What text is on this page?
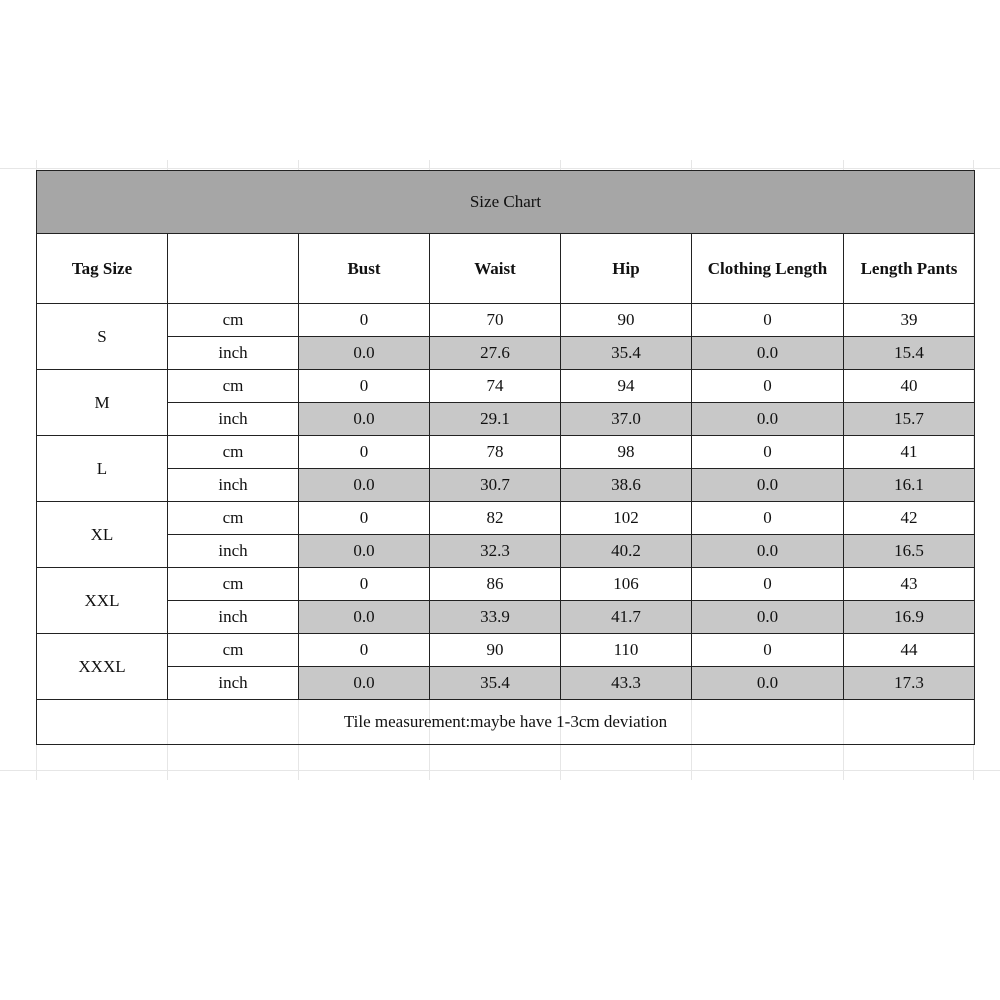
Size Chart						
Tag Size		Bust	Waist	Hip	Clothing Length	Length Pants
S	cm	0	70	90	0	39
	inch	0.0	27.6	35.4	0.0	15.4
M	cm	0	74	94	0	40
	inch	0.0	29.1	37.0	0.0	15.7
L	cm	0	78	98	0	41
	inch	0.0	30.7	38.6	0.0	16.1
XL	cm	0	82	102	0	42
	inch	0.0	32.3	40.2	0.0	16.5
XXL	cm	0	86	106	0	43
	inch	0.0	33.9	41.7	0.0	16.9
XXXL	cm	0	90	110	0	44
	inch	0.0	35.4	43.3	0.0	17.3
Tile measurement:maybe have 1-3cm deviation						
